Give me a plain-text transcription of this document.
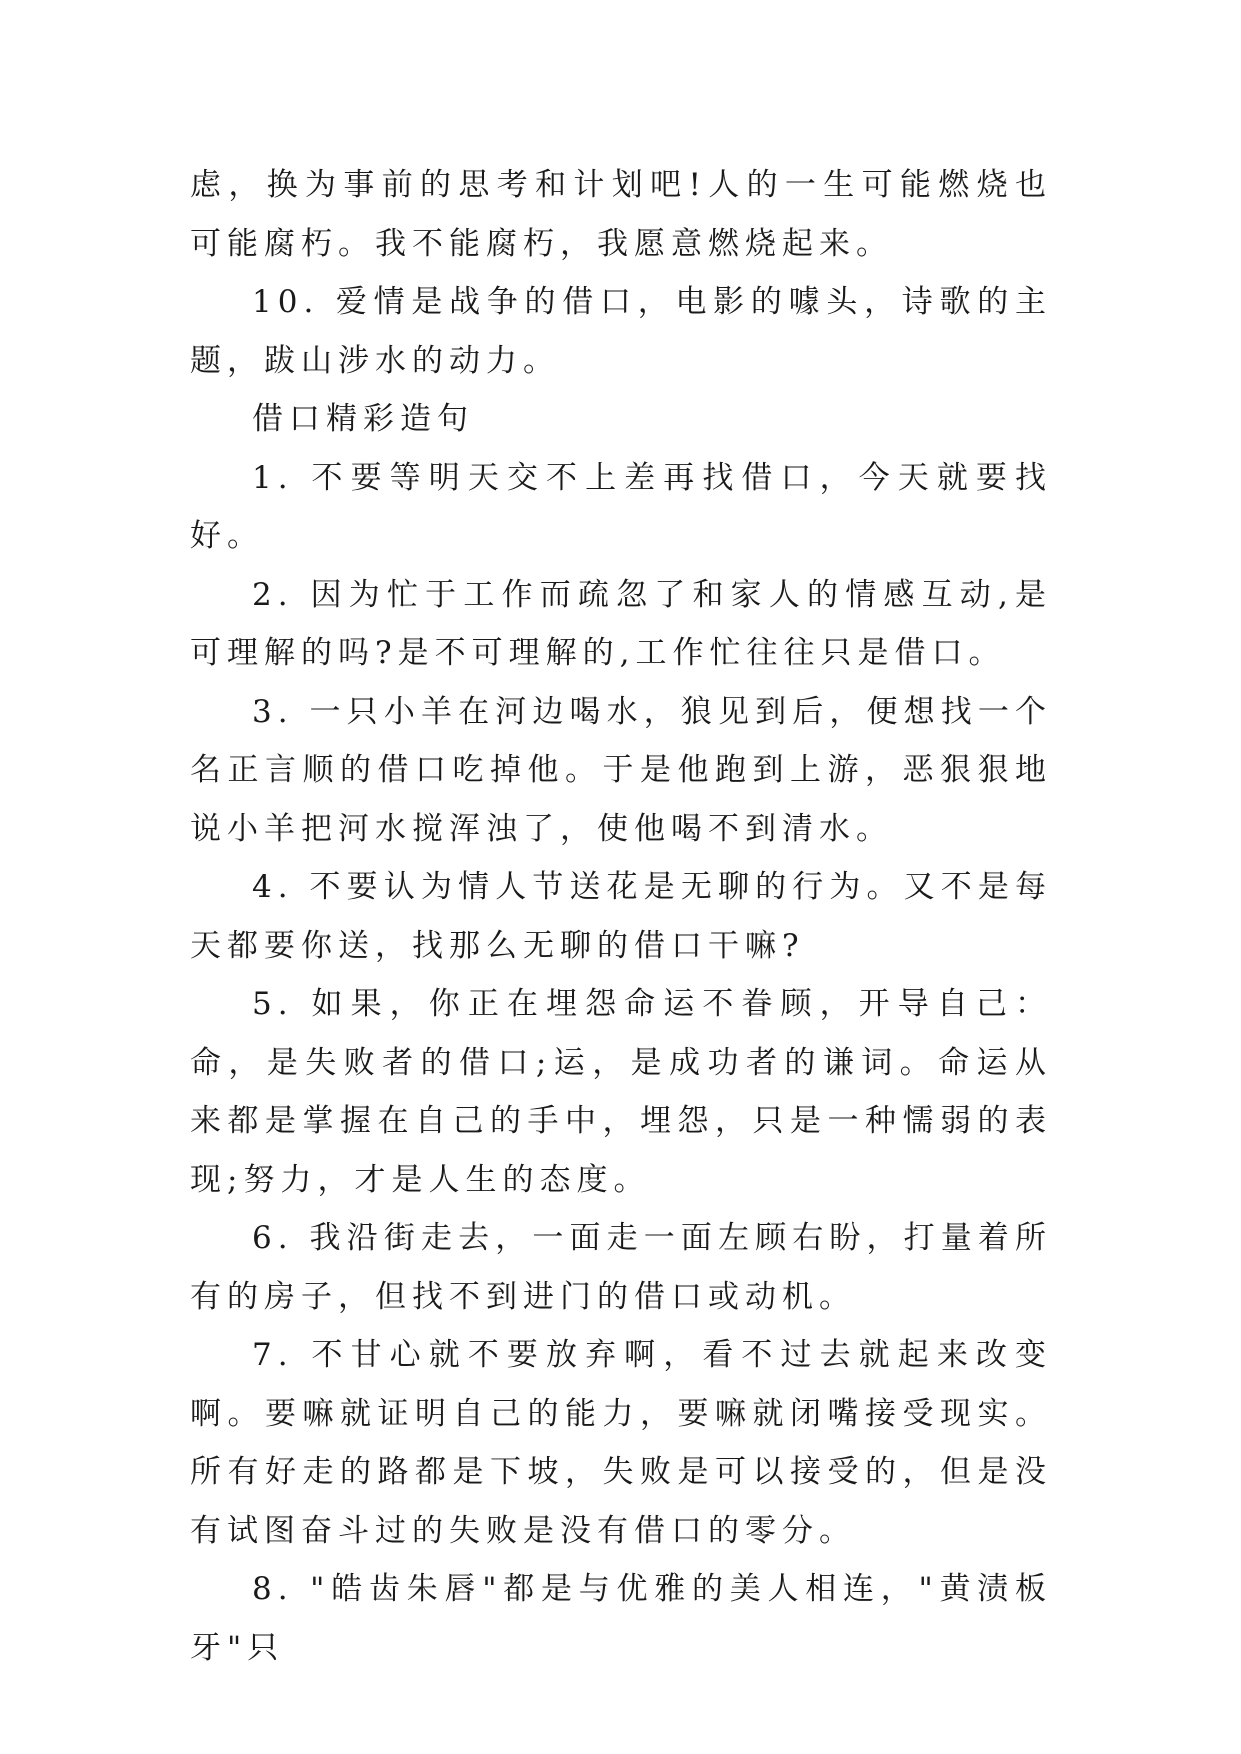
虑，换为事前的思考和计划吧!人的一生可能燃烧也可能腐朽。我不能腐朽，我愿意燃烧起来。

10. 爱情是战争的借口，电影的噱头，诗歌的主题，跋山涉水的动力。

借口精彩造句

1. 不要等明天交不上差再找借口，今天就要找好。

2. 因为忙于工作而疏忽了和家人的情感互动,是可理解的吗?是不可理解的,工作忙往往只是借口。

3. 一只小羊在河边喝水，狼见到后，便想找一个名正言顺的借口吃掉他。于是他跑到上游，恶狠狠地说小羊把河水搅浑浊了，使他喝不到清水。

4. 不要认为情人节送花是无聊的行为。又不是每天都要你送，找那么无聊的借口干嘛?

5. 如果，你正在埋怨命运不眷顾，开导自己：命，是失败者的借口;运，是成功者的谦词。命运从来都是掌握在自己的手中，埋怨，只是一种懦弱的表现;努力，才是人生的态度。

6. 我沿街走去，一面走一面左顾右盼，打量着所有的房子，但找不到进门的借口或动机。

7. 不甘心就不要放弃啊，看不过去就起来改变啊。要嘛就证明自己的能力，要嘛就闭嘴接受现实。所有好走的路都是下坡，失败是可以接受的，但是没有试图奋斗过的失败是没有借口的零分。

8. "皓齿朱唇"都是与优雅的美人相连，"黄渍板牙"只
